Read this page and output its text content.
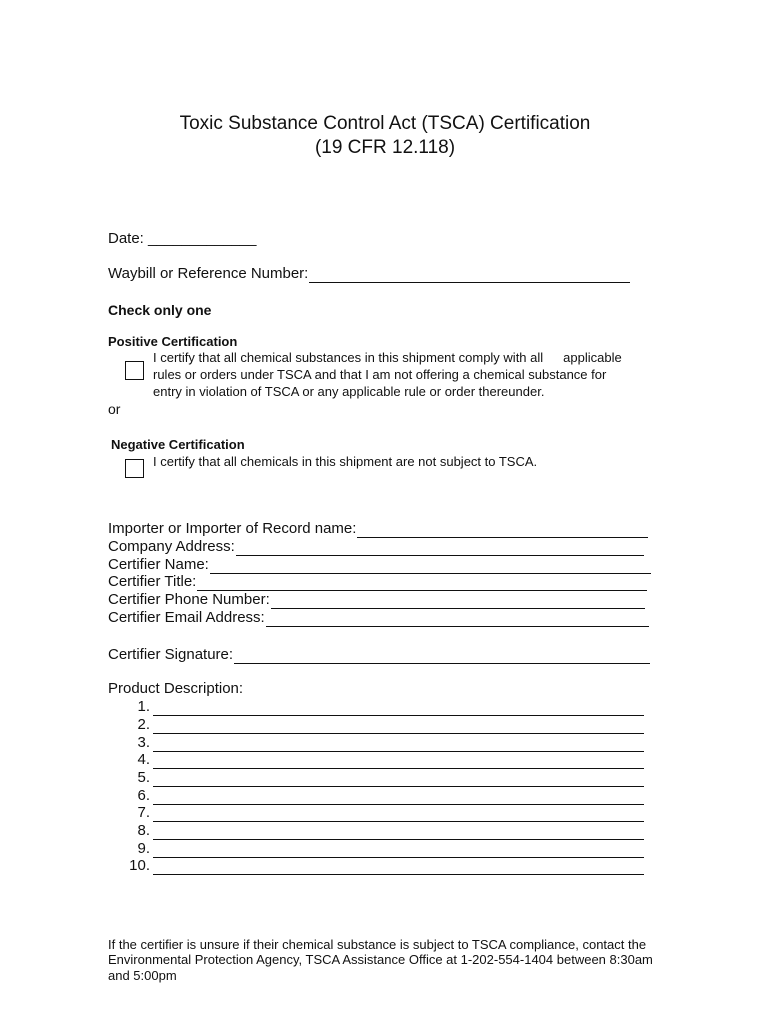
Toxic Substance Control Act (TSCA) Certification
(19 CFR 12.118)
Date: _____________
Waybill or Reference Number:
Check only one
Positive Certification
I certify that all chemical substances in this shipment comply with all applicable
rules or orders under TSCA and that I am not offering a chemical substance for
entry in violation of TSCA or any applicable rule or order thereunder.
or
Negative Certification
I certify that all chemicals in this shipment are not subject to TSCA.
Importer or Importer of Record name:
Company Address:
Certifier Name:
Certifier Title:
Certifier Phone Number:
Certifier Email Address:
Certifier Signature:
Product Description:
1.
2.
3.
4.
5.
6.
7.
8.
9.
10.
If the certifier is unsure if their chemical substance is subject to TSCA compliance, contact the
Environmental Protection Agency, TSCA Assistance Office at 1-202-554-1404 between 8:30am
and 5:00pm
